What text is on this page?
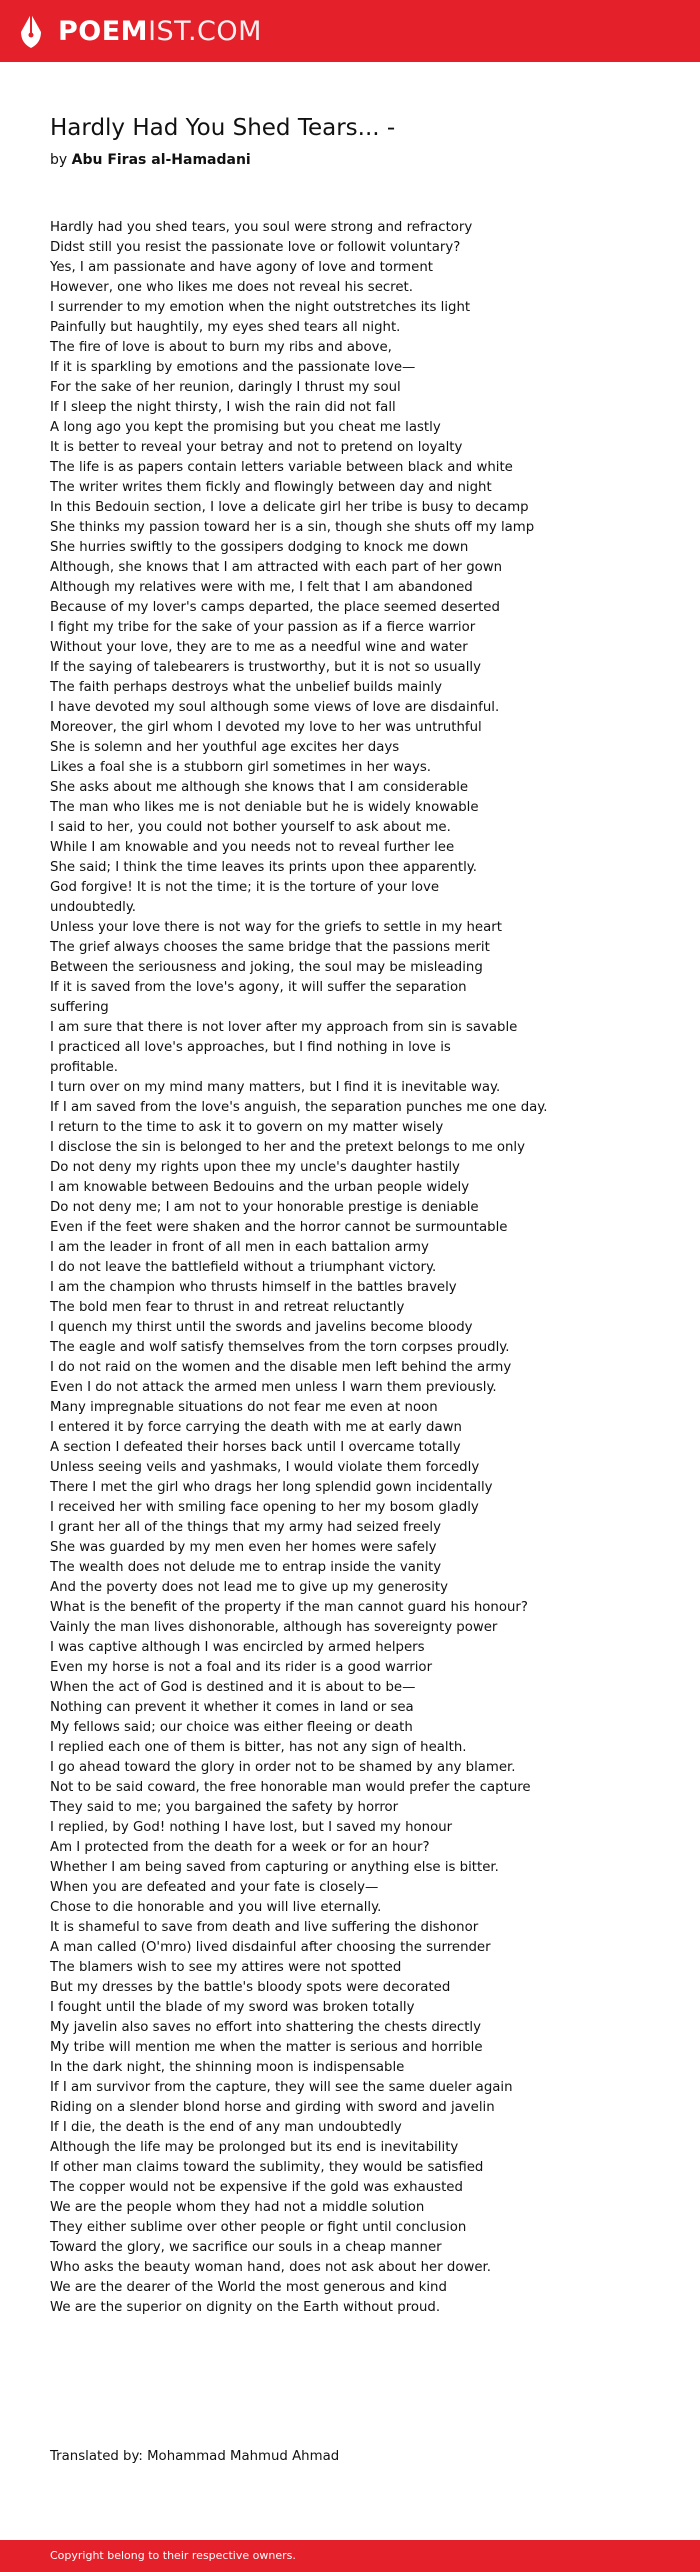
POEMIST.COM
Hardly Had You Shed Tears... -
by Abu Firas al-Hamadani
Hardly had you shed tears, you soul were strong and refractory
Didst still you resist the passionate love or followit voluntary?
Yes, I am passionate and have agony of love and torment
However, one who likes me does not reveal his secret.
I surrender to my emotion when the night outstretches its light
Painfully but haughtily, my eyes shed tears all night.
The fire of love is about to burn my ribs and above,
If it is sparkling by emotions and the passionate love—
For the sake of her reunion, daringly I thrust my soul
If I sleep the night thirsty, I wish the rain did not fall
A long ago you kept the promising but you cheat me lastly
It is better to reveal your betray and not to pretend on loyalty
The life is as papers contain letters variable between black and white
The writer writes them fickly and flowingly between day and night
In this Bedouin section, I love a delicate girl her tribe is busy to decamp
She thinks my passion toward her is a sin, though she shuts off my lamp
She hurries swiftly to the gossipers dodging to knock me down
Although, she knows that I am attracted with each part of her gown
Although my relatives were with me, I felt that I am abandoned
Because of my lover's camps departed, the place seemed deserted
I fight my tribe for the sake of your passion as if a fierce warrior
Without your love, they are to me as a needful wine and water
If the saying of talebearers is trustworthy, but it is not so usually
The faith perhaps destroys what the unbelief builds mainly
I have devoted my soul although some views of love are disdainful.
Moreover, the girl whom I devoted my love to her was untruthful
She is solemn and her youthful age excites her days
Likes a foal she is a stubborn girl sometimes in her ways.
She asks about me although she knows that I am considerable
The man who likes me is not deniable but he is widely knowable
I said to her, you could not bother yourself to ask about me.
While I am knowable and you needs not to reveal further lee
She said; I think the time leaves its prints upon thee apparently.
God forgive! It is not the time; it is the torture of your love
undoubtedly.
Unless your love there is not way for the griefs to settle in my heart
The grief always chooses the same bridge that the passions merit
Between the seriousness and joking, the soul may be misleading
If it is saved from the love's agony, it will suffer the separation
suffering
I am sure that there is not lover after my approach from sin is savable
I practiced all love's approaches, but I find nothing in love is
profitable.
I turn over on my mind many matters, but I find it is inevitable way.
If I am saved from the love's anguish, the separation punches me one day.
I return to the time to ask it to govern on my matter wisely
I disclose the sin is belonged to her and the pretext belongs to me only
Do not deny my rights upon thee my uncle's daughter hastily
I am knowable between Bedouins and the urban people widely
Do not deny me; I am not to your honorable prestige is deniable
Even if the feet were shaken and the horror cannot be surmountable
I am the leader in front of all men in each battalion army
I do not leave the battlefield without a triumphant victory.
I am the champion who thrusts himself in the battles bravely
The bold men fear to thrust in and retreat reluctantly
I quench my thirst until the swords and javelins become bloody
The eagle and wolf satisfy themselves from the torn corpses proudly.
I do not raid on the women and the disable men left behind the army
Even I do not attack the armed men unless I warn them previously.
Many impregnable situations do not fear me even at noon
I entered it by force carrying the death with me at early dawn
A section I defeated their horses back until I overcame totally
Unless seeing veils and yashmaks, I would violate them forcedly
There I met the girl who drags her long splendid gown incidentally
I received her with smiling face opening to her my bosom gladly
I grant her all of the things that my army had seized freely
She was guarded by my men even her homes were safely
The wealth does not delude me to entrap inside the vanity
And the poverty does not lead me to give up my generosity
What is the benefit of the property if the man cannot guard his honour?
Vainly the man lives dishonorable, although has sovereignty power
I was captive although I was encircled by armed helpers
Even my horse is not a foal and its rider is a good warrior
When the act of God is destined and it is about to be—
Nothing can prevent it whether it comes in land or sea
My fellows said; our choice was either fleeing or death
I replied each one of them is bitter, has not any sign of health.
I go ahead toward the glory in order not to be shamed by any blamer.
Not to be said coward, the free honorable man would prefer the capture
They said to me; you bargained the safety by horror
I replied, by God! nothing I have lost, but I saved my honour
Am I protected from the death for a week or for an hour?
Whether I am being saved from capturing or anything else is bitter.
When you are defeated and your fate is closely—
Chose to die honorable and you will live eternally.
It is shameful to save from death and live suffering the dishonor
A man called (O'mro) lived disdainful after choosing the surrender
The blamers wish to see my attires were not spotted
But my dresses by the battle's bloody spots were decorated
I fought until the blade of my sword was broken totally
My javelin also saves no effort into shattering the chests directly
My tribe will mention me when the matter is serious and horrible
In the dark night, the shinning moon is indispensable
If I am survivor from the capture, they will see the same dueler again
Riding on a slender blond horse and girding with sword and javelin
If I die, the death is the end of any man undoubtedly
Although the life may be prolonged but its end is inevitability
If other man claims toward the sublimity, they would be satisfied
The copper would not be expensive if the gold was exhausted
We are the people whom they had not a middle solution
They either sublime over other people or fight until conclusion
Toward the glory, we sacrifice our souls in a cheap manner
Who asks the beauty woman hand, does not ask about her dower.
We are the dearer of the World the most generous and kind
We are the superior on dignity on the Earth without proud.
Translated by: Mohammad Mahmud Ahmad
Copyright belong to their respective owners.
